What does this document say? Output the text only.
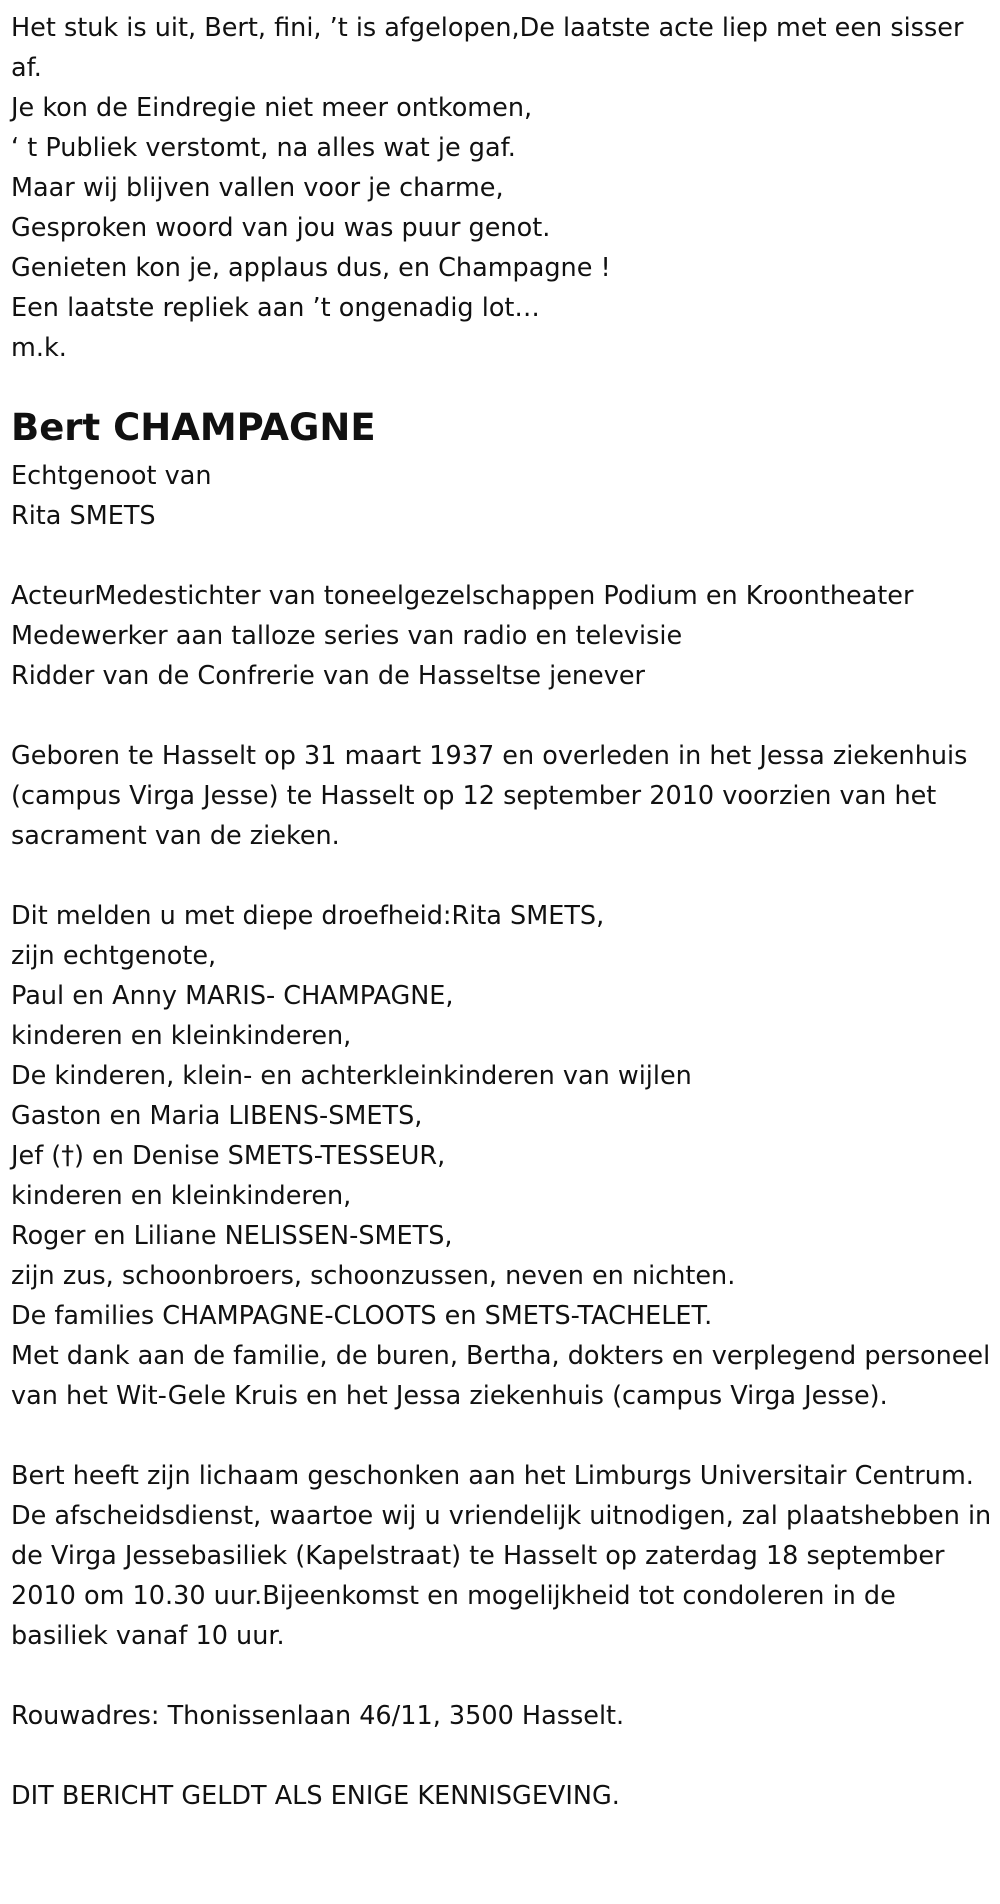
Het stuk is uit, Bert, fini, ’t is afgelopen,De laatste acte liep met een sisser af.
Je kon de Eindregie niet meer ontkomen,
‘ t Publiek verstomt, na alles wat je gaf.
Maar wij blijven vallen voor je charme,
Gesproken woord van jou was puur genot.
Genieten kon je, applaus dus, en Champagne !
Een laatste repliek aan ’t ongenadig lot…
m.k.
Bert CHAMPAGNE
Echtgenoot van
Rita SMETS
ActeurMedestichter van toneelgezelschappen Podium en Kroontheater
Medewerker aan talloze series van radio en televisie
Ridder van de Confrerie van de Hasseltse jenever
Geboren te Hasselt op 31 maart 1937 en overleden in het Jessa ziekenhuis (campus Virga Jesse) te Hasselt op 12 september 2010 voorzien van het sacrament van de zieken.
Dit melden u met diepe droefheid:Rita SMETS,
zijn echtgenote,
Paul en Anny MARIS- CHAMPAGNE,
kinderen en kleinkinderen,
De kinderen, klein- en achterkleinkinderen van wijlen
Gaston en Maria LIBENS-SMETS,
Jef (†) en Denise SMETS-TESSEUR,
kinderen en kleinkinderen,
Roger en Liliane NELISSEN-SMETS,
zijn zus, schoonbroers, schoonzussen, neven en nichten.
De families CHAMPAGNE-CLOOTS en SMETS-TACHELET.
Met dank aan de familie, de buren, Bertha, dokters en verplegend personeel van het Wit-Gele Kruis en het Jessa ziekenhuis (campus Virga Jesse).
Bert heeft zijn lichaam geschonken aan het Limburgs Universitair Centrum.
De afscheidsdienst, waartoe wij u vriendelijk uitnodigen, zal plaatshebben in de Virga Jessebasiliek (Kapelstraat) te Hasselt op zaterdag 18 september 2010 om 10.30 uur.Bijeenkomst en mogelijkheid tot condoleren in de basiliek vanaf 10 uur.
Rouwadres: Thonissenlaan 46/11, 3500 Hasselt.
DIT BERICHT GELDT ALS ENIGE KENNISGEVING.
